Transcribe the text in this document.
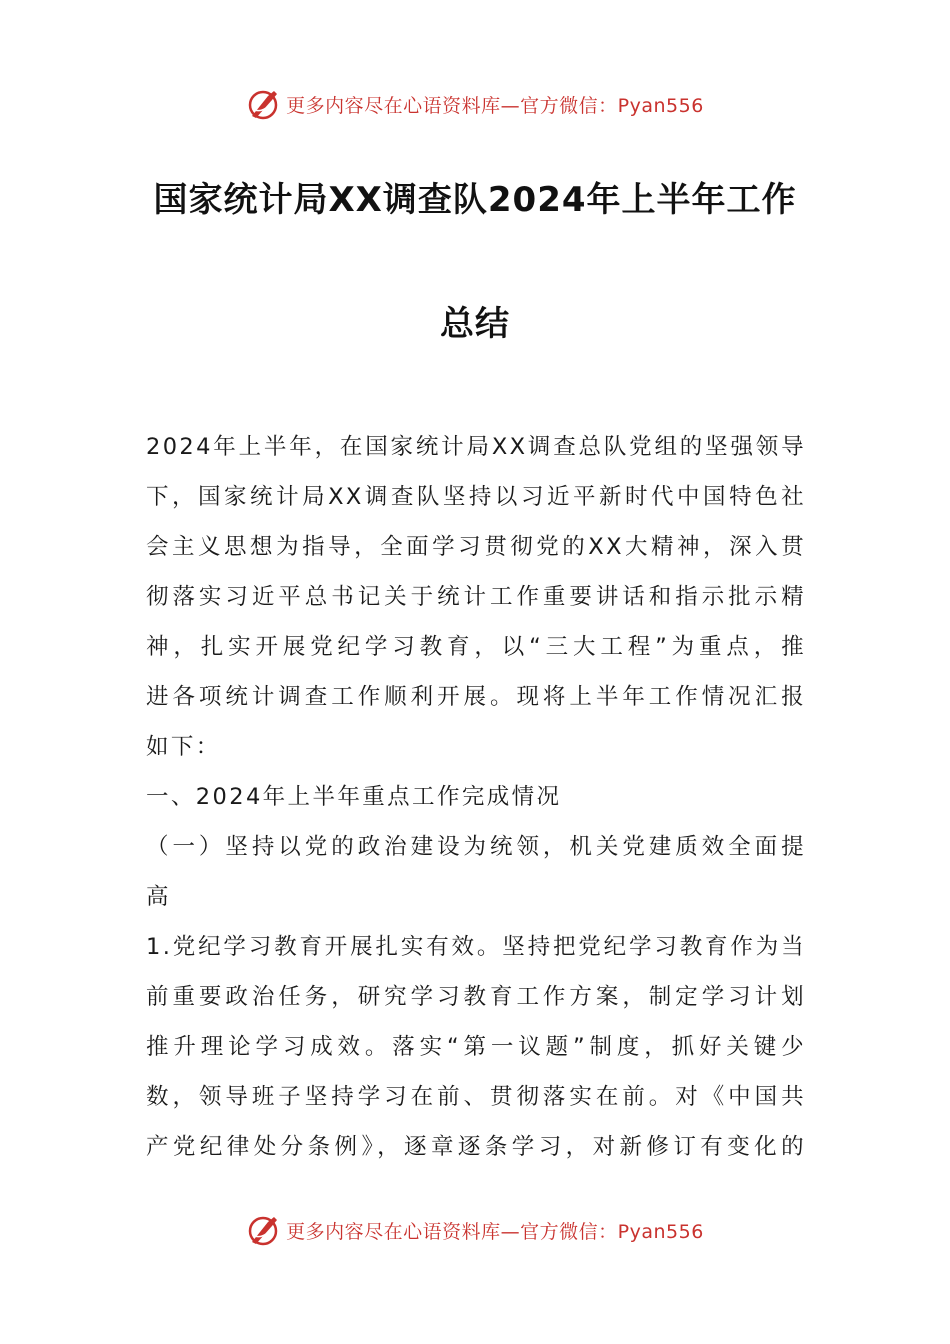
更多内容尽在心语资料库—官方微信：Pyan556
国家统计局XX调查队2024年上半年工作
总结
2024年上半年，在国家统计局XX调查总队党组的坚强领导
下，国家统计局XX调查队坚持以习近平新时代中国特色社
会主义思想为指导，全面学习贯彻党的XX大精神，深入贯
彻落实习近平总书记关于统计工作重要讲话和指示批示精
神，扎实开展党纪学习教育，以“三大工程”为重点，推
进各项统计调查工作顺利开展。现将上半年工作情况汇报
如下：
一、2024年上半年重点工作完成情况
（一）坚持以党的政治建设为统领，机关党建质效全面提
高
1.党纪学习教育开展扎实有效。坚持把党纪学习教育作为当
前重要政治任务，研究学习教育工作方案，制定学习计划
推升理论学习成效。落实“第一议题”制度，抓好关键少
数，领导班子坚持学习在前、贯彻落实在前。对《中国共
产党纪律处分条例》，逐章逐条学习，对新修订有变化的
更多内容尽在心语资料库—官方微信：Pyan556
